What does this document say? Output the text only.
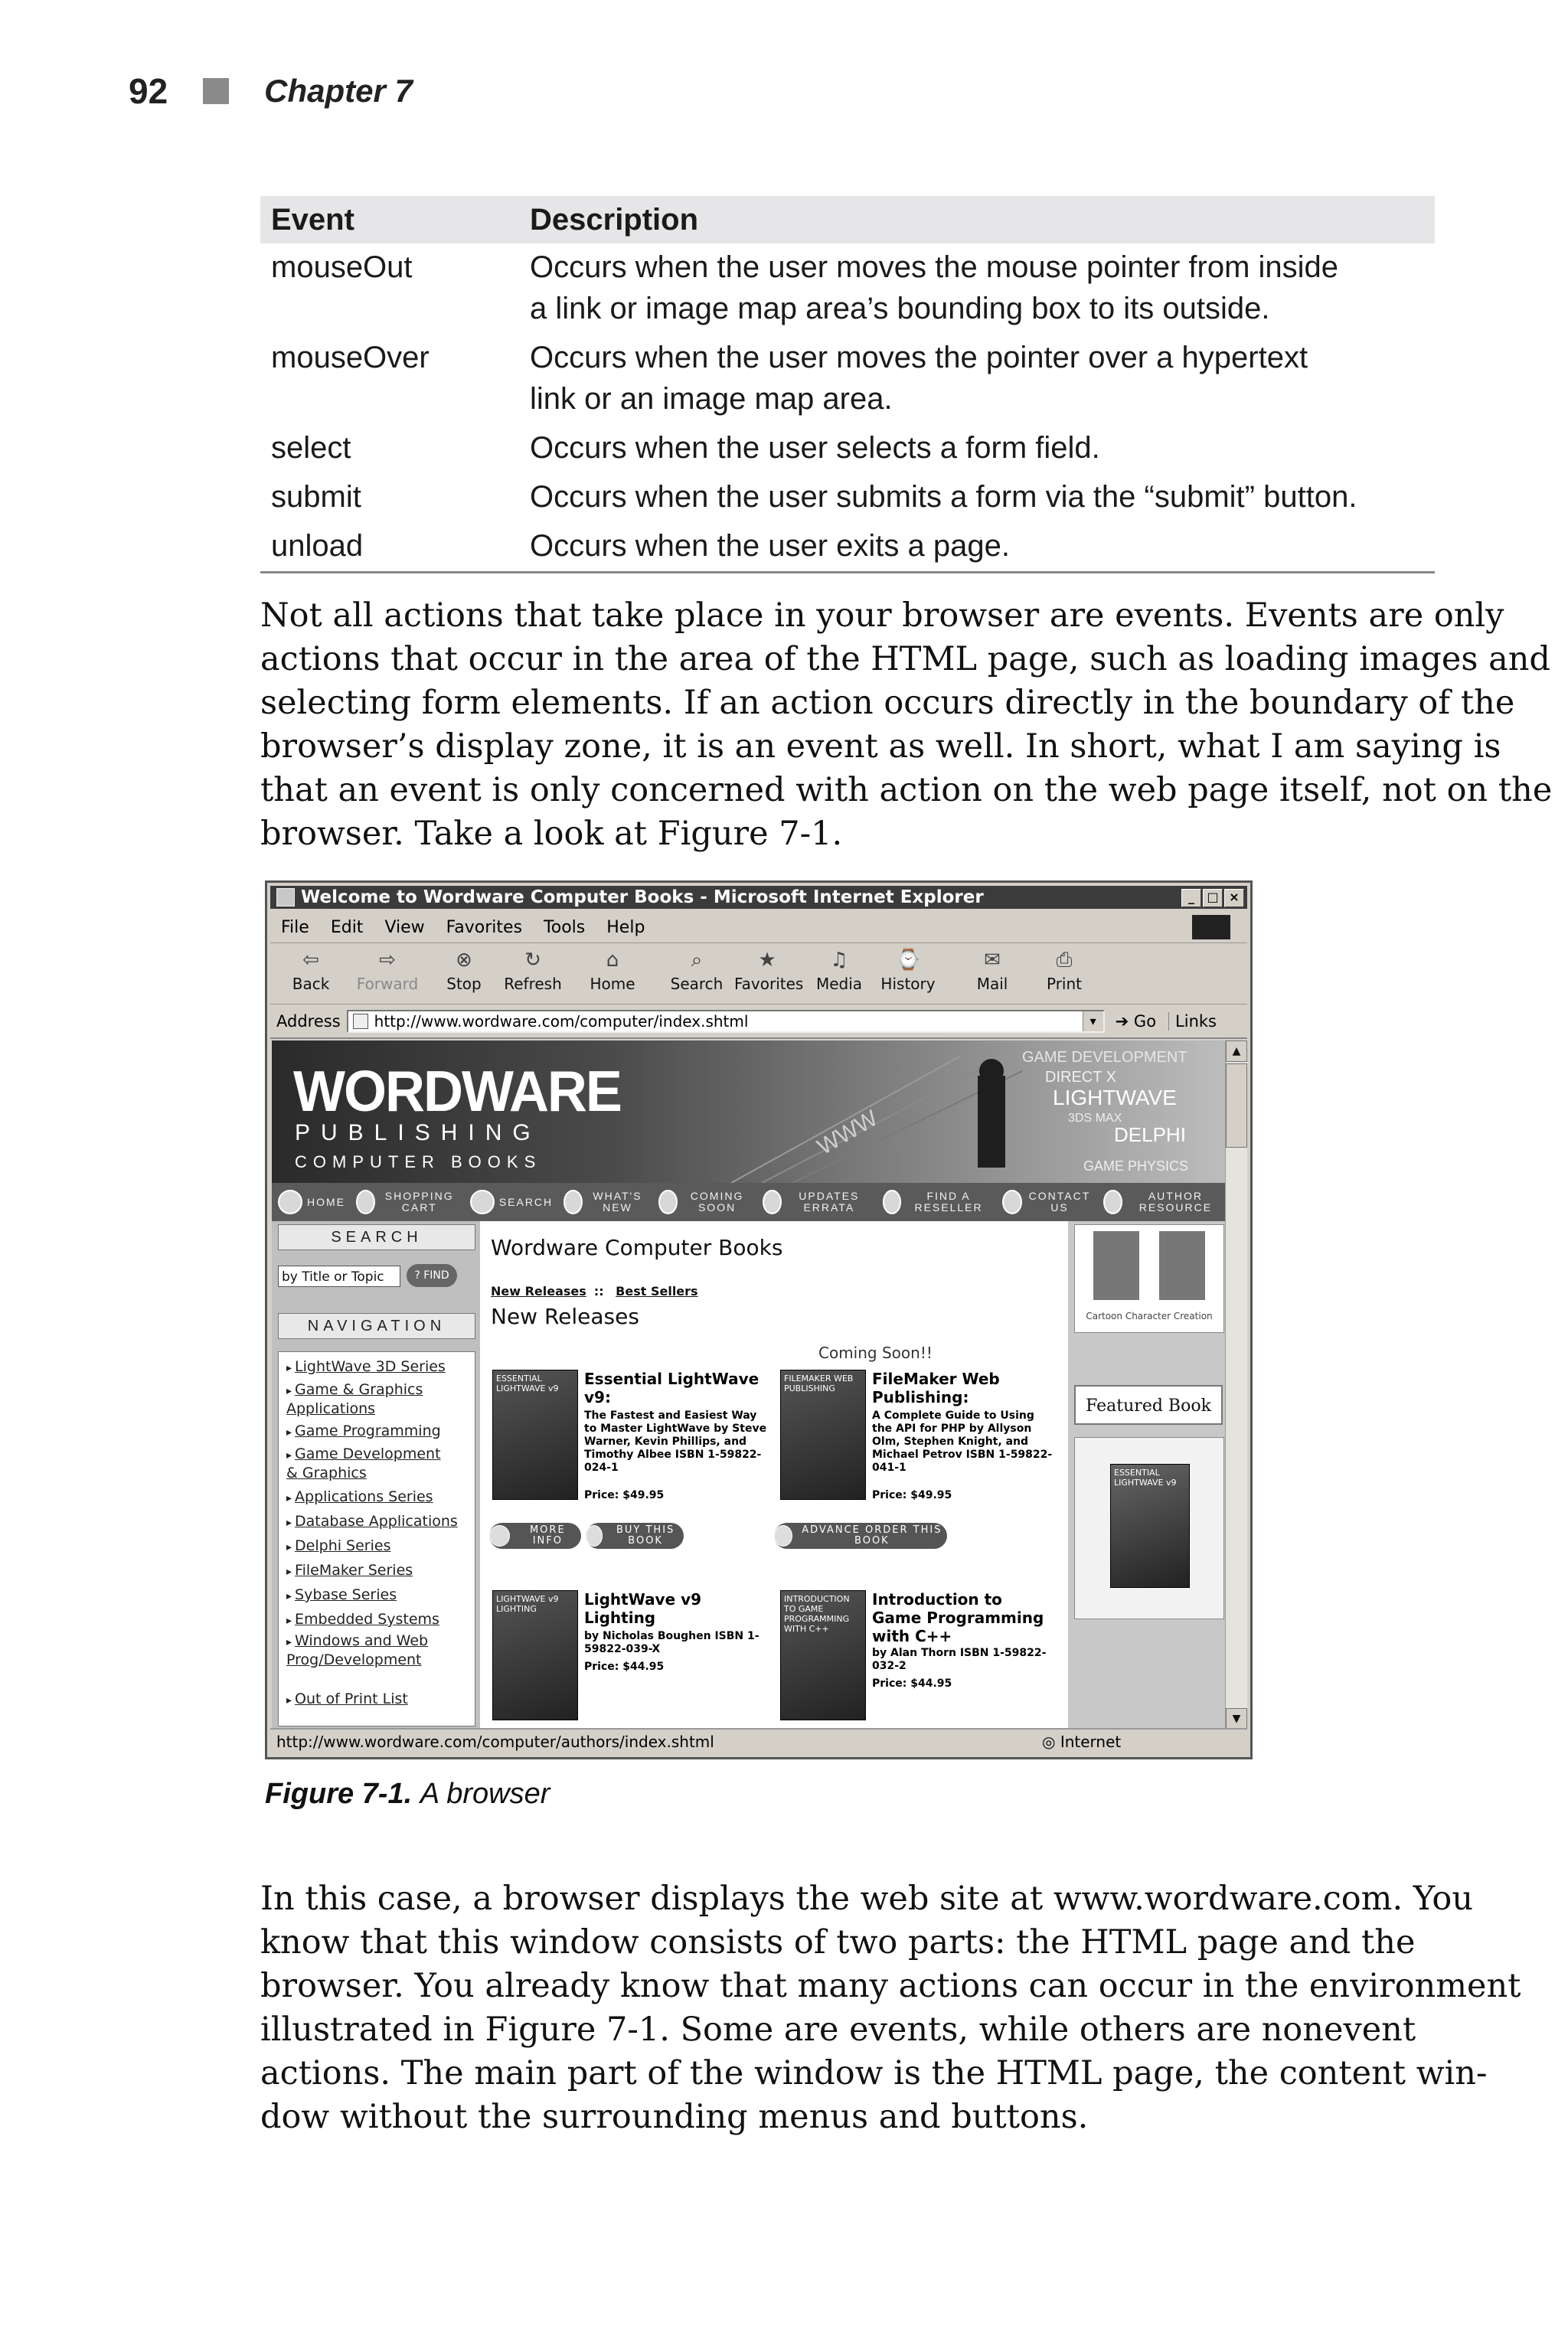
92	Chapter 7
Event	Description
mouseOut	Occurs when the user moves the mouse pointer from inside
a link or image map area’s bounding box to its outside.

mouseOver	Occurs when the user moves the pointer over a hypertext
link or an image map area.

select	Occurs when the user selects a form field.

submit	Occurs when the user submits a form via the “submit” button.

unload	Occurs when the user exits a page.
Not all actions that take place in your browser are events. Events are only
actions that occur in the area of the HTML page, such as loading images and
selecting form elements. If an action occurs directly in the boundary of the
browser’s display zone, it is an event as well. In short, what I am saying is
that an event is only concerned with action on the web page itself, not on the
browser. Take a look at Figure 7-1.
Welcome to Wordware Computer Books - Microsoft Internet Explorer	_	□ ×
File Edit View Favorites Tools Help
⇦
Back
⇨
Forward
⊗
Stop
↻
Refresh
⌂
Home
⌕
Search
★
Favorites
♫
Media
⌚
History
✉
Mail
⎙
Print
Address http://www.wordware.com/computer/index.shtml	▾	➔ Go	Links
WORDWARE
PUBLISHING
COMPUTER BOOKS
GAME DEVELOPMENT
DIRECT X
LIGHTWAVE
3DS MAX
DELPHI
GAME PHYSICS
WWW
HOME	SHOPPING CART	SEARCH	WHAT'S NEW
COMING SOON
UPDATES ERRATA
FIND A RESELLER
CONTACT US
AUTHOR RESOURCE
SEARCH
by Title or Topic	? FIND
NAVIGATION
▸ LightWave 3D Series
▸ Game & Graphics Applications
▸ Game Programming
▸ Game Development & Graphics
▸ Applications Series
▸ Database Applications
▸ Delphi Series
▸ FileMaker Series
▸ Sybase Series
▸ Embedded Systems
▸ Windows and Web Prog/Development
▸ Out of Print List
Wordware Computer Books
New Releases :: Best Sellers
New Releases
Coming Soon!!
ESSENTIAL LIGHTWAVE v9
Essential LightWave v9:
The Fastest and Easiest Way to Master LightWave by Steve Warner, Kevin Phillips, and Timothy Albee ISBN 1-59822-024-1
Price: $49.95
FILEMAKER WEB PUBLISHING
FileMaker Web Publishing:
A Complete Guide to Using the API for PHP by Allyson Olm, Stephen Knight, and Michael Petrov ISBN 1-59822-041-1
Price: $49.95
MORE INFO
BUY THIS BOOK
ADVANCE ORDER THIS BOOK
LIGHTWAVE v9 LIGHTING
LightWave v9 Lighting
by Nicholas Boughen ISBN 1-59822-039-X
Price: $44.95
INTRODUCTION TO GAME PROGRAMMING WITH C++
Introduction to Game Programming with C++
by Alan Thorn ISBN 1-59822-032-2
Price: $44.95
Cartoon Character Creation
Featured Book
ESSENTIAL LIGHTWAVE v9
▲
▼
http://www.wordware.com/computer/authors/index.shtml	◎ Internet
Figure 7-1. A browser
In this case, a browser displays the web site at www.wordware.com. You
know that this window consists of two parts: the HTML page and the
browser. You already know that many actions can occur in the environment
illustrated in Figure 7-1. Some are events, while others are nonevent
actions. The main part of the window is the HTML page, the content win-
dow without the surrounding menus and buttons.
